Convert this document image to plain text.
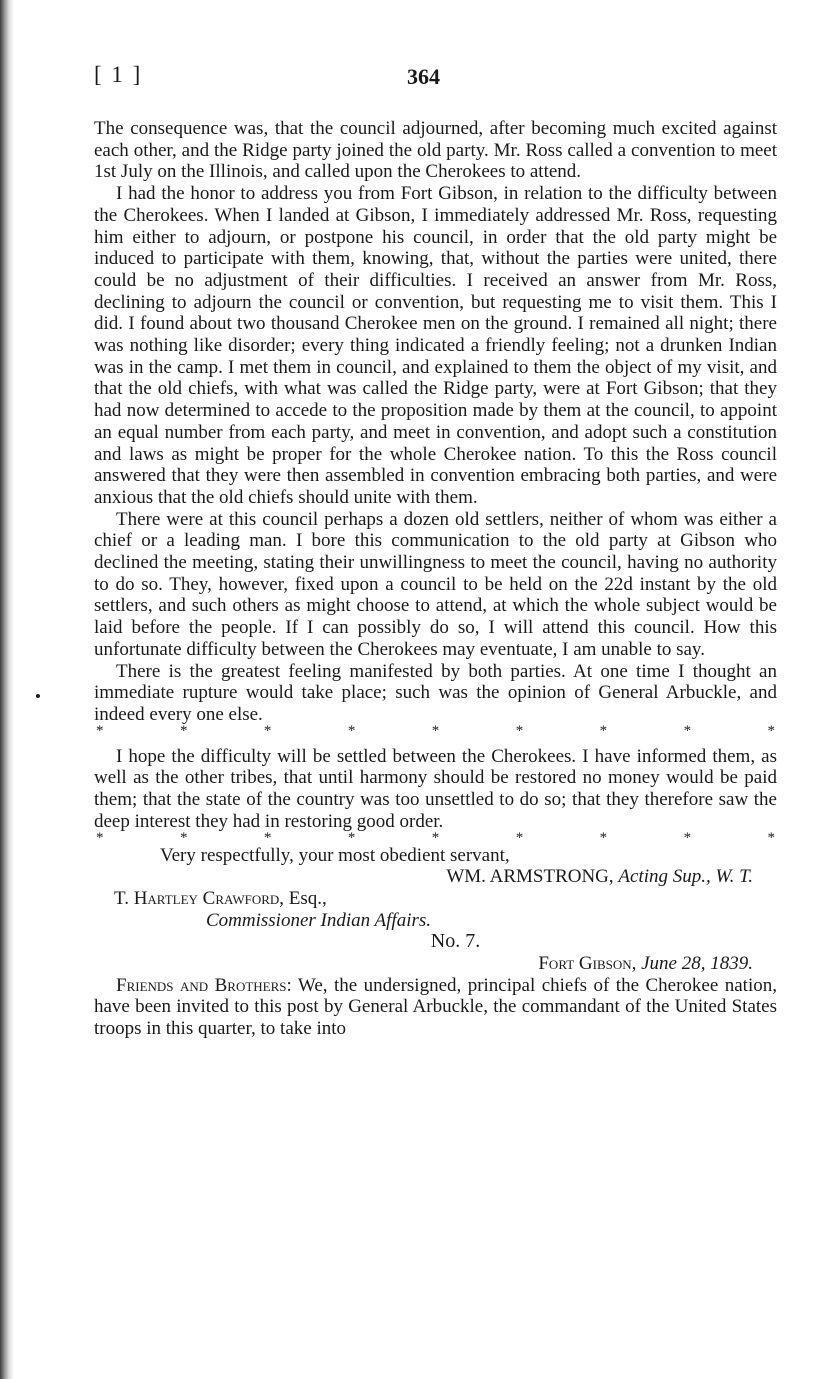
[ 1 ]	364

The consequence was, that the council adjourned, after becoming much excited against each other, and the Ridge party joined the old party. Mr. Ross called a convention to meet 1st July on the Illinois, and called upon the Cherokees to attend.

I had the honor to address you from Fort Gibson, in relation to the difficulty between the Cherokees. When I landed at Gibson, I immediately addressed Mr. Ross, requesting him either to adjourn, or postpone his council, in order that the old party might be induced to participate with them, knowing, that, without the parties were united, there could be no adjustment of their difficulties. I received an answer from Mr. Ross, declining to adjourn the council or convention, but requesting me to visit them. This I did. I found about two thousand Cherokee men on the ground. I remained all night; there was nothing like disorder; every thing indicated a friendly feeling; not a drunken Indian was in the camp. I met them in council, and explained to them the object of my visit, and that the old chiefs, with what was called the Ridge party, were at Fort Gibson; that they had now determined to accede to the proposition made by them at the council, to appoint an equal number from each party, and meet in convention, and adopt such a constitution and laws as might be proper for the whole Cherokee nation. To this the Ross council answered that they were then assembled in convention embracing both parties, and were anxious that the old chiefs should unite with them.

There were at this council perhaps a dozen old settlers, neither of whom was either a chief or a leading man. I bore this communication to the old party at Gibson who declined the meeting, stating their unwillingness to meet the council, having no authority to do so. They, however, fixed upon a council to be held on the 22d instant by the old settlers, and such others as might choose to attend, at which the whole subject would be laid before the people. If I can possibly do so, I will attend this council. How this unfortunate difficulty between the Cherokees may eventuate, I am unable to say.

There is the greatest feeling manifested by both parties. At one time I thought an immediate rupture would take place; such was the opinion of General Arbuckle, and indeed every one else.

*	*	*	*	*	*	*	*	*

I hope the difficulty will be settled between the Cherokees. I have informed them, as well as the other tribes, that until harmony should be restored no money would be paid them; that the state of the country was too unsettled to do so; that they therefore saw the deep interest they had in restoring good order.

*	*	*	*	*	*	*	*	*

Very respectfully, your most obedient servant,

WM. ARMSTRONG, Acting Sup., W. T.

T. Hartley Crawford, Esq.,

Commissioner Indian Affairs.

No. 7.

Fort Gibson, June 28, 1839.

Friends and Brothers: We, the undersigned, principal chiefs of the Cherokee nation, have been invited to this post by General Arbuckle, the commandant of the United States troops in this quarter, to take into
